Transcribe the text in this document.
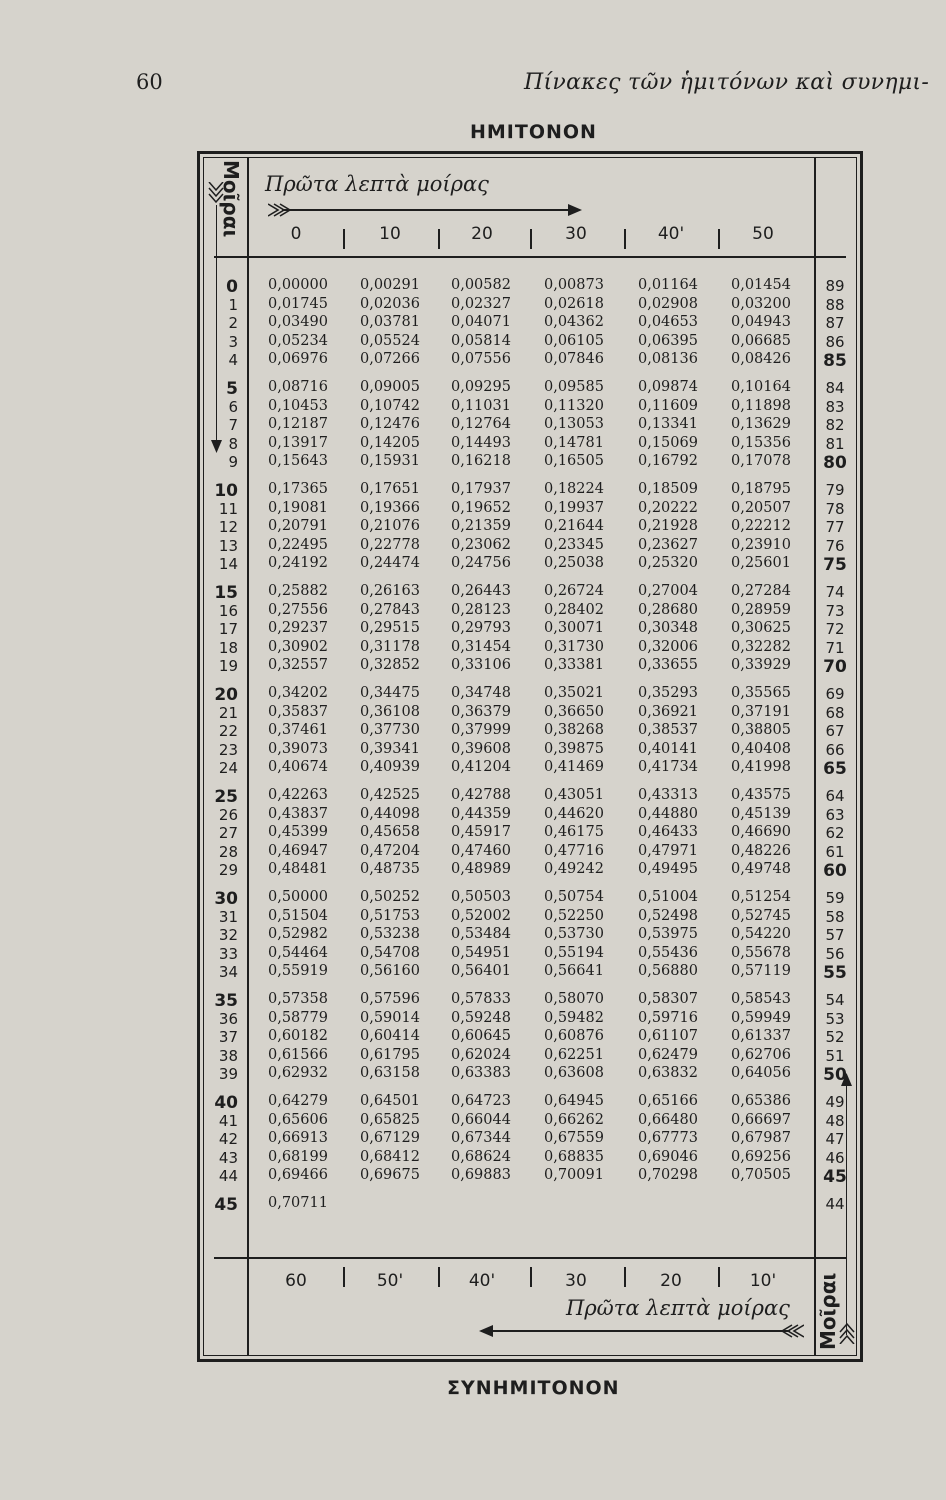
60	Πίνακες τῶν ἡμιτόνων καὶ συνημι-
ΗΜΙΤΟΝΟΝ
Μοῖραι
Μοῖραι
Πρῶτα λεπτὰ μοίρας
Πρῶτα λεπτὰ μοίρας
0	10	20	30	40'	50
60	50'	40'	30	20	10'
0 0,00000 0,00291 0,00582 0,00873 0,01164 0,01454	89
1 0,01745 0,02036 0,02327 0,02618 0,02908 0,03200	88
2 0,03490 0,03781 0,04071 0,04362 0,04653 0,04943	87
3 0,05234 0,05524 0,05814 0,06105 0,06395 0,06685	86
4 0,06976 0,07266 0,07556 0,07846 0,08136 0,08426 85
5 0,08716 0,09005 0,09295 0,09585 0,09874 0,10164	84
6 0,10453 0,10742 0,11031 0,11320 0,11609 0,11898	83
7 0,12187 0,12476 0,12764 0,13053 0,13341 0,13629	82
8 0,13917 0,14205 0,14493 0,14781 0,15069 0,15356	81
9 0,15643 0,15931 0,16218 0,16505 0,16792 0,17078 80
10 0,17365 0,17651 0,17937 0,18224 0,18509 0,18795	79
11 0,19081 0,19366 0,19652 0,19937 0,20222 0,20507	78
12 0,20791 0,21076 0,21359 0,21644 0,21928 0,22212	77
13 0,22495 0,22778 0,23062 0,23345 0,23627 0,23910	76
14 0,24192 0,24474 0,24756 0,25038 0,25320 0,25601 75
15 0,25882 0,26163 0,26443 0,26724 0,27004 0,27284	74
16 0,27556 0,27843 0,28123 0,28402 0,28680 0,28959	73
17 0,29237 0,29515 0,29793 0,30071 0,30348 0,30625	72
18 0,30902 0,31178 0,31454 0,31730 0,32006 0,32282	71
19 0,32557 0,32852 0,33106 0,33381 0,33655 0,33929 70
20 0,34202 0,34475 0,34748 0,35021 0,35293 0,35565	69
21 0,35837 0,36108 0,36379 0,36650 0,36921 0,37191	68
22 0,37461 0,37730 0,37999 0,38268 0,38537 0,38805	67
23 0,39073 0,39341 0,39608 0,39875 0,40141 0,40408	66
24 0,40674 0,40939 0,41204 0,41469 0,41734 0,41998 65
25 0,42263 0,42525 0,42788 0,43051 0,43313 0,43575	64
26 0,43837 0,44098 0,44359 0,44620 0,44880 0,45139	63
27 0,45399 0,45658 0,45917 0,46175 0,46433 0,46690	62
28 0,46947 0,47204 0,47460 0,47716 0,47971 0,48226	61
29 0,48481 0,48735 0,48989 0,49242 0,49495 0,49748 60
30 0,50000 0,50252 0,50503 0,50754 0,51004 0,51254	59
31 0,51504 0,51753 0,52002 0,52250 0,52498 0,52745	58
32 0,52982 0,53238 0,53484 0,53730 0,53975 0,54220	57
33 0,54464 0,54708 0,54951 0,55194 0,55436 0,55678	56
34 0,55919 0,56160 0,56401 0,56641 0,56880 0,57119 55
35 0,57358 0,57596 0,57833 0,58070 0,58307 0,58543	54
36 0,58779 0,59014 0,59248 0,59482 0,59716 0,59949	53
37 0,60182 0,60414 0,60645 0,60876 0,61107 0,61337	52
38 0,61566 0,61795 0,62024 0,62251 0,62479 0,62706	51
39 0,62932 0,63158 0,63383 0,63608 0,63832 0,64056 50
40 0,64279 0,64501 0,64723 0,64945 0,65166 0,65386	49
41 0,65606 0,65825 0,66044 0,66262 0,66480 0,66697	48
42 0,66913 0,67129 0,67344 0,67559 0,67773 0,67987	47
43 0,68199 0,68412 0,68624 0,68835 0,69046 0,69256	46
44 0,69466 0,69675 0,69883 0,70091 0,70298 0,70505 45
45 0,70711	44
ΣΥΝΗΜΙΤΟΝΟΝ
